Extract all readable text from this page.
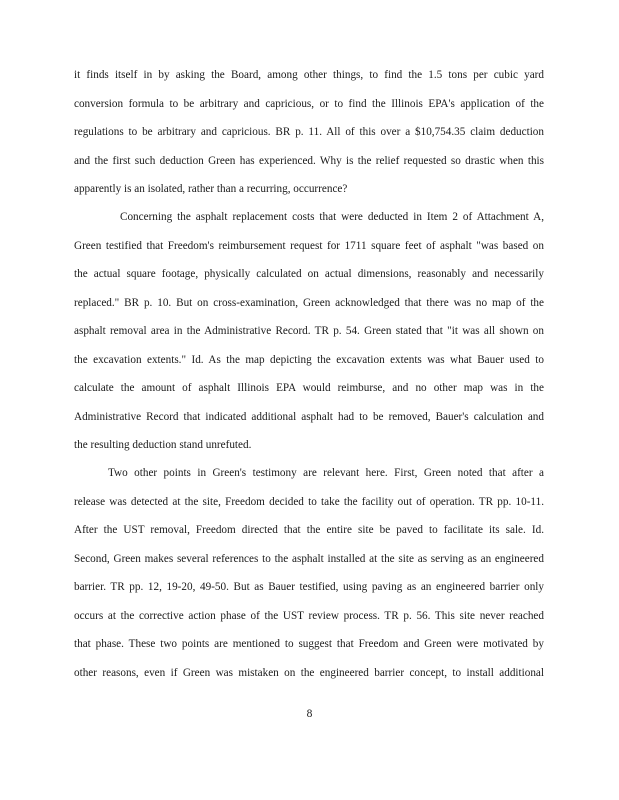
it finds itself in by asking the Board, among other things, to find the 1.5 tons per cubic yard
conversion formula to be arbitrary and capricious, or to find the Illinois EPA's application of the
regulations to be arbitrary and capricious. BR p. 11. All of this over a $10,754.35 claim deduction
and the first such deduction Green has experienced. Why is the relief requested so drastic when this
apparently is an isolated, rather than a recurring, occurrence?
Concerning the asphalt replacement costs that were deducted in Item 2 of Attachment A,
Green testified that Freedom's reimbursement request for 1711 square feet of asphalt "was based on
the actual square footage, physically calculated on actual dimensions, reasonably and necessarily
replaced." BR p. 10. But on cross-examination, Green acknowledged that there was no map of the
asphalt removal area in the Administrative Record. TR p. 54. Green stated that "it was all shown on
the excavation extents." Id. As the map depicting the excavation extents was what Bauer used to
calculate the amount of asphalt Illinois EPA would reimburse, and no other map was in the
Administrative Record that indicated additional asphalt had to be removed, Bauer's calculation and
the resulting deduction stand unrefuted.
Two other points in Green's testimony are relevant here. First, Green noted that after a
release was detected at the site, Freedom decided to take the facility out of operation. TR pp. 10-11.
After the UST removal, Freedom directed that the entire site be paved to facilitate its sale. Id.
Second, Green makes several references to the asphalt installed at the site as serving as an engineered
barrier. TR pp. 12, 19-20, 49-50. But as Bauer testified, using paving as an engineered barrier only
occurs at the corrective action phase of the UST review process. TR p. 56. This site never reached
that phase. These two points are mentioned to suggest that Freedom and Green were motivated by
other reasons, even if Green was mistaken on the engineered barrier concept, to install additional
8
